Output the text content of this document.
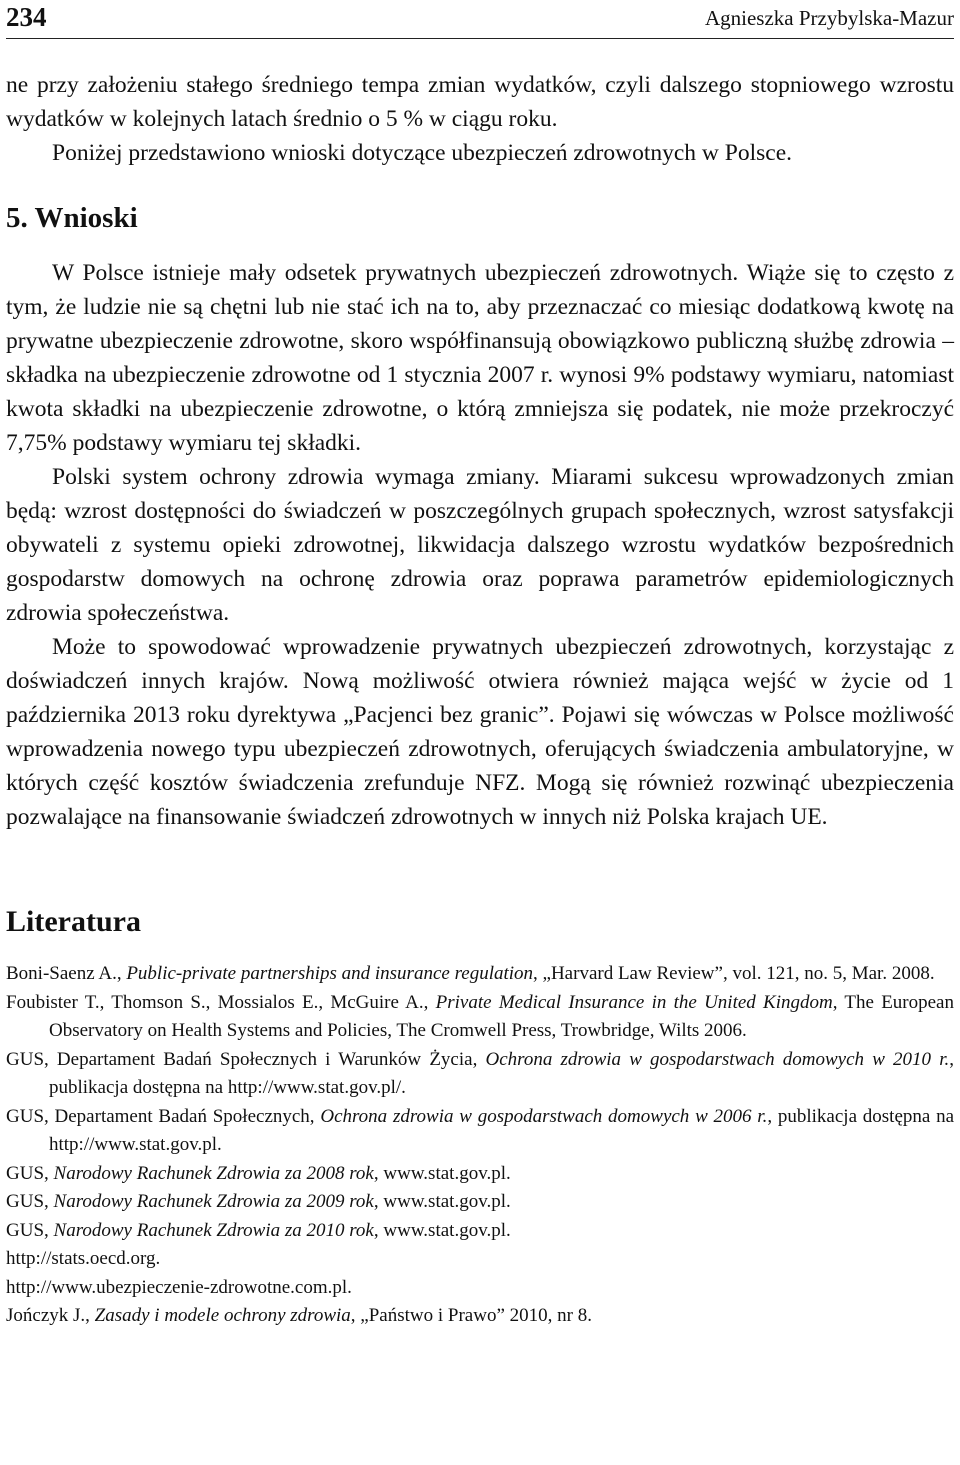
234	Agnieszka Przybylska-Mazur

ne przy założeniu stałego średniego tempa zmian wydatków, czyli dalszego stopniowego wzrostu wydatków w kolejnych latach średnio o 5 % w ciągu roku.

Poniżej przedstawiono wnioski dotyczące ubezpieczeń zdrowotnych w Polsce.

5. Wnioski

W Polsce istnieje mały odsetek prywatnych ubezpieczeń zdrowotnych. Wiąże się to często z tym, że ludzie nie są chętni lub nie stać ich na to, aby przeznaczać co miesiąc dodatkową kwotę na prywatne ubezpieczenie zdrowotne, skoro współfinansują obowiązkowo publiczną służbę zdrowia – składka na ubezpieczenie zdrowotne od 1 stycznia 2007 r. wynosi 9% podstawy wymiaru, natomiast kwota składki na ubezpieczenie zdrowotne, o którą zmniejsza się podatek, nie może przekroczyć 7,75% podstawy wymiaru tej składki.

Polski system ochrony zdrowia wymaga zmiany. Miarami sukcesu wprowadzonych zmian będą: wzrost dostępności do świadczeń w poszczególnych grupach społecznych, wzrost satysfakcji obywateli z systemu opieki zdrowotnej, likwidacja dalszego wzrostu wydatków bezpośrednich gospodarstw domowych na ochronę zdrowia oraz poprawa parametrów epidemiologicznych zdrowia społeczeństwa.

Może to spowodować wprowadzenie prywatnych ubezpieczeń zdrowotnych, korzystając z doświadczeń innych krajów. Nową możliwość otwiera również mająca wejść w życie od 1 października 2013 roku dyrektywa „Pacjenci bez granic”. Pojawi się wówczas w Polsce możliwość wprowadzenia nowego typu ubezpieczeń zdrowotnych, oferujących świadczenia ambulatoryjne, w których część kosztów świadczenia zrefunduje NFZ. Mogą się również rozwinąć ubezpieczenia pozwalające na finansowanie świadczeń zdrowotnych w innych niż Polska krajach UE.

Literatura

Boni-Saenz A., Public-private partnerships and insurance regulation, „Harvard Law Review”, vol. 121, no. 5, Mar. 2008.

Foubister T., Thomson S., Mossialos E., McGuire A., Private Medical Insurance in the United Kingdom, The European Observatory on Health Systems and Policies, The Cromwell Press, Trowbridge, Wilts 2006.

GUS, Departament Badań Społecznych i Warunków Życia, Ochrona zdrowia w gospodarstwach domowych w 2010 r., publikacja dostępna na http://www.stat.gov.pl/.

GUS, Departament Badań Społecznych, Ochrona zdrowia w gospodarstwach domowych w 2006 r., publikacja dostępna na http://www.stat.gov.pl.

GUS, Narodowy Rachunek Zdrowia za 2008 rok, www.stat.gov.pl.

GUS, Narodowy Rachunek Zdrowia za 2009 rok, www.stat.gov.pl.

GUS, Narodowy Rachunek Zdrowia za 2010 rok, www.stat.gov.pl.

http://stats.oecd.org.

http://www.ubezpieczenie-zdrowotne.com.pl.

Jończyk J., Zasady i modele ochrony zdrowia, „Państwo i Prawo” 2010, nr 8.
